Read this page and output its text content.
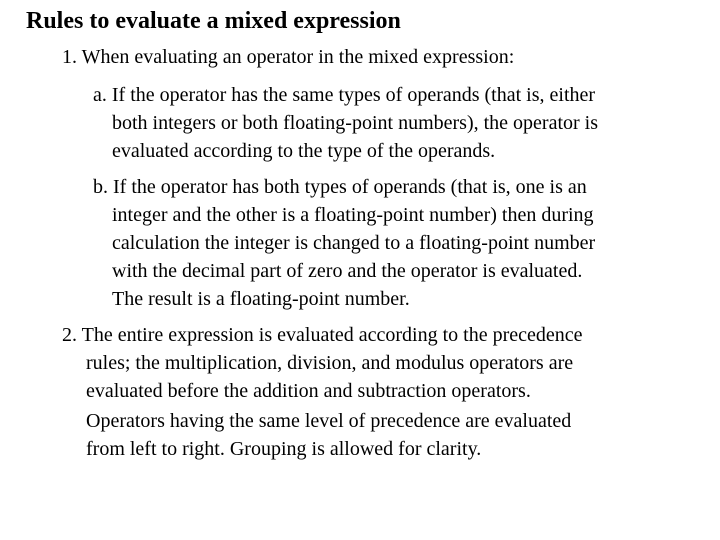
Rules to evaluate a mixed expression
1. When evaluating an operator in the mixed expression:
a. If the operator has the same types of operands (that is, either
both integers or both floating-point numbers), the operator is
evaluated according to the type of the operands.
b. If the operator has both types of operands (that is, one is an
integer and the other is a floating-point number) then during
calculation the integer is changed to a floating-point number
with the decimal part of zero and the operator is evaluated.
The result is a floating-point number.
2. The entire expression is evaluated according to the precedence
rules; the multiplication, division, and modulus operators are
evaluated before the addition and subtraction operators.
Operators having the same level of precedence are evaluated
from left to right. Grouping is allowed for clarity.
